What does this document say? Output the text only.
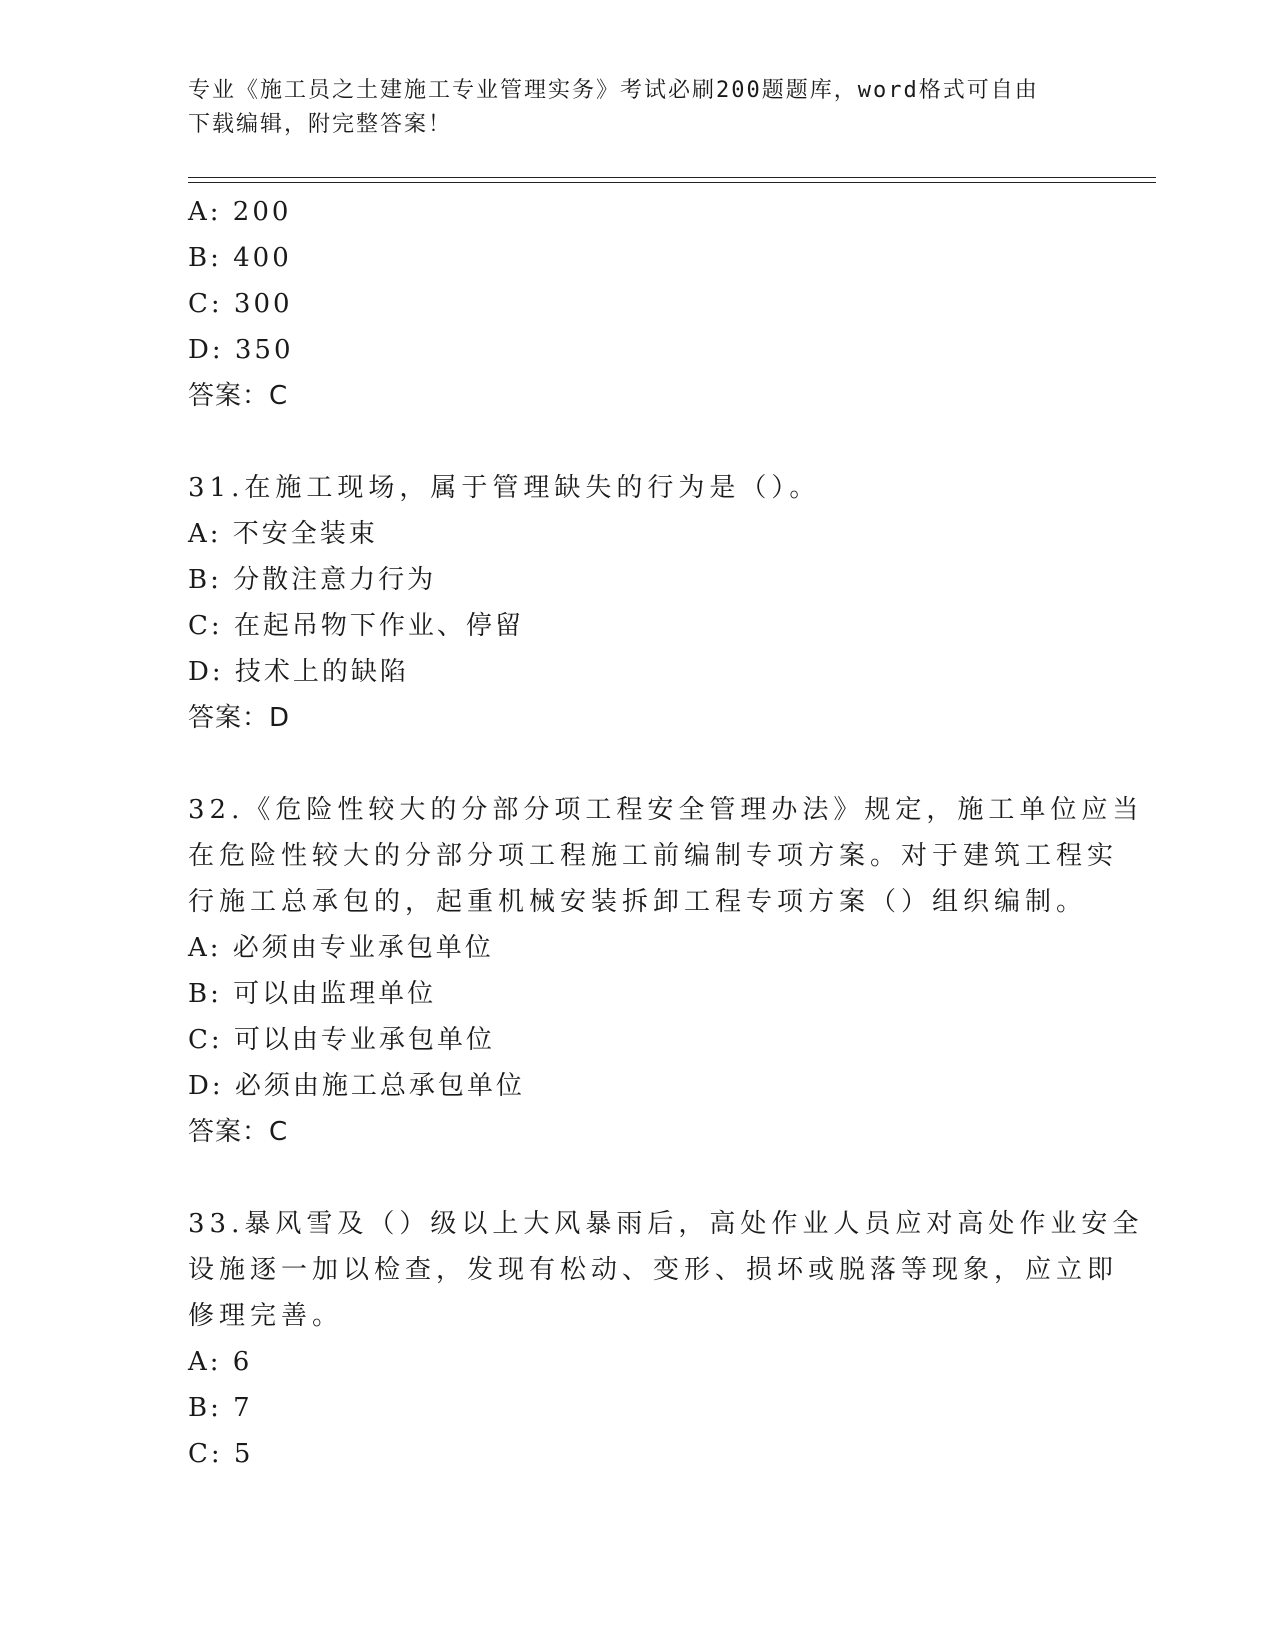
专业《施工员之土建施工专业管理实务》考试必刷200题题库，word格式可自由
下载编辑，附完整答案！
A: 200
B: 400
C: 300
D: 350
答案：C
31.在施工现场，属于管理缺失的行为是（）。
A: 不安全装束
B: 分散注意力行为
C: 在起吊物下作业、停留
D: 技术上的缺陷
答案：D
32.《危险性较大的分部分项工程安全管理办法》规定，施工单位应当
在危险性较大的分部分项工程施工前编制专项方案。对于建筑工程实
行施工总承包的，起重机械安装拆卸工程专项方案（）组织编制。
A: 必须由专业承包单位
B: 可以由监理单位
C: 可以由专业承包单位
D: 必须由施工总承包单位
答案：C
33.暴风雪及（）级以上大风暴雨后，高处作业人员应对高处作业安全
设施逐一加以检查，发现有松动、变形、损坏或脱落等现象，应立即
修理完善。
A: 6
B: 7
C: 5
